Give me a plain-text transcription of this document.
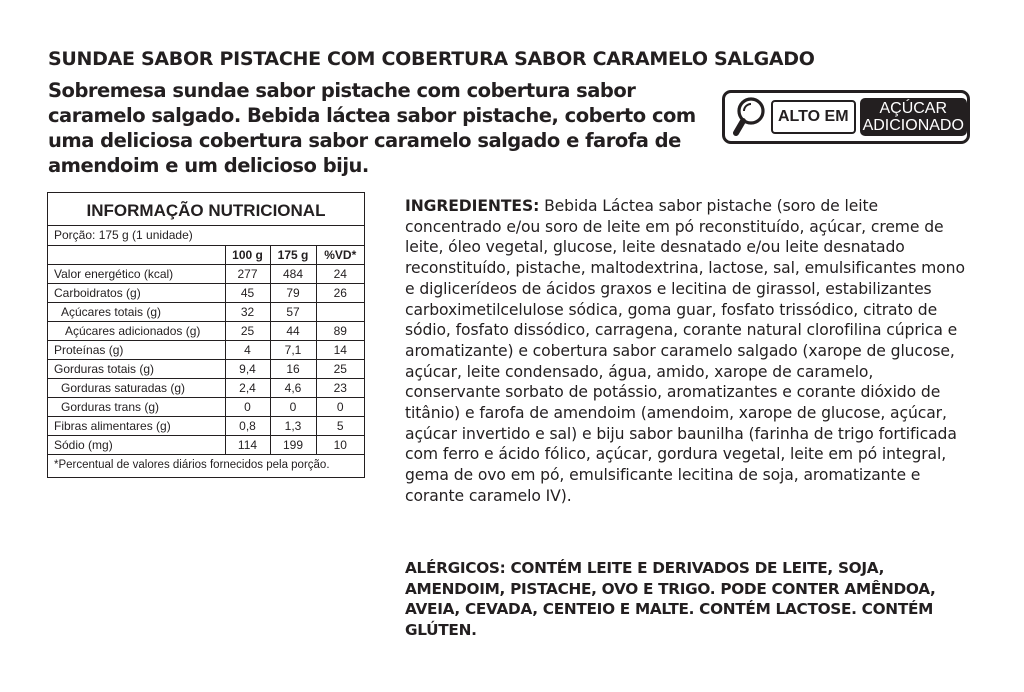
SUNDAE SABOR PISTACHE COM COBERTURA SABOR CARAMELO SALGADO

Sobremesa sundae sabor pistache com cobertura sabor caramelo salgado. Bebida láctea sabor pistache, coberto com uma deliciosa cobertura sabor caramelo salgado e farofa de amendoim e um delicioso biju.

ALTO EM	AÇÚCAR
ADICIONADO
INFORMAÇÃO NUTRICIONAL
Porção: 175 g (1 unidade)
	100 g	175 g	%VD*
Valor energético (kcal)	277	484	24
Carboidratos (g)	45	79	26
Açúcares totais (g)	32	57	
Açúcares adicionados (g)	25	44	89
Proteínas (g)	4	7,1	14
Gorduras totais (g)	9,4	16	25
Gorduras saturadas (g)	2,4	4,6	23
Gorduras trans (g)	0	0	0
Fibras alimentares (g)	0,8	1,3	5
Sódio (mg)	114	199	10
*Percentual de valores diários fornecidos pela porção.

INGREDIENTES: Bebida Láctea sabor pistache (soro de leite concentrado e/ou soro de leite em pó reconstituído, açúcar, creme de leite, óleo vegetal, glucose, leite desnatado e/ou leite desnatado reconstituído, pistache, maltodextrina, lactose, sal, emulsificantes mono e diglicerídeos de ácidos graxos e lecitina de girassol, estabilizantes carboximetilcelulose sódica, goma guar, fosfato trissódico, citrato de sódio, fosfato dissódico, carragena, corante natural clorofilina cúprica e aromatizante) e cobertura sabor caramelo salgado (xarope de glucose, açúcar, leite condensado, água, amido, xarope de caramelo, conservante sorbato de potássio, aromatizantes e corante dióxido de titânio) e farofa de amendoim (amendoim, xarope de glucose, açúcar, açúcar invertido e sal) e biju sabor baunilha (farinha de trigo fortificada com ferro e ácido fólico, açúcar, gordura vegetal, leite em pó integral, gema de ovo em pó, emulsificante lecitina de soja, aromatizante e corante caramelo IV).

ALÉRGICOS: CONTÉM LEITE E DERIVADOS DE LEITE, SOJA, AMENDOIM, PISTACHE, OVO E TRIGO. PODE CONTER AMÊNDOA, AVEIA, CEVADA, CENTEIO E MALTE. CONTÉM LACTOSE. CONTÉM GLÚTEN.
